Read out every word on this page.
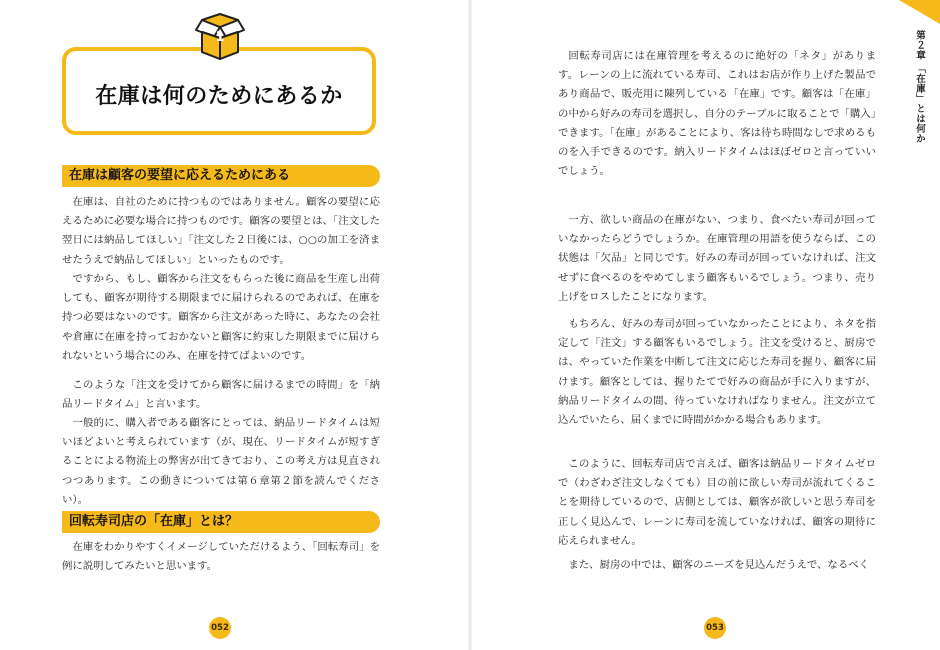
在庫は何のためにあるか
1
在庫は顧客の要望に応えるためにある
在庫は、自社のために持つものではありません。顧客の要望に応えるために必要な場合に持つものです。顧客の要望とは、「注文した翌日には納品してほしい」「注文した２日後には、○○の加工を済ませたうえで納品してほしい」といったものです。
ですから、もし、顧客から注文をもらった後に商品を生産し出荷しても、顧客が期待する期限までに届けられるのであれば、在庫を持つ必要はないのです。顧客から注文があった時に、あなたの会社や倉庫に在庫を持っておかないと顧客に約束した期限までに届けられないという場合にのみ、在庫を持てばよいのです。
このような「注文を受けてから顧客に届けるまでの時間」を「納品リードタイム」と言います。
一般的に、購入者である顧客にとっては、納品リードタイムは短いほどよいと考えられています（が、現在、リードタイムが短すぎることによる物流上の弊害が出てきており、この考え方は見直されつつあります。この動きについては第６章第２節を読んでください）。
回転寿司店の「在庫」とは？
在庫をわかりやすくイメージしていただけるよう、「回転寿司」を例に説明してみたいと思います。
052	053
回転寿司店には在庫管理を考えるのに絶好の「ネタ」があります。レーンの上に流れている寿司、これはお店が作り上げた製品であり商品で、販売用に陳列している「在庫」です。顧客は「在庫」の中から好みの寿司を選択し、自分のテーブルに取ることで「購入」できます。「在庫」があることにより、客は待ち時間なしで求めるものを入手できるのです。納入リードタイムはほぼゼロと言っていいでしょう。
一方、欲しい商品の在庫がない、つまり、食べたい寿司が回っていなかったらどうでしょうか。在庫管理の用語を使うならば、この状態は「欠品」と同じです。好みの寿司が回っていなければ、注文せずに食べるのをやめてしまう顧客もいるでしょう。つまり、売り上げをロスしたことになります。
もちろん、好みの寿司が回っていなかったことにより、ネタを指定して「注文」する顧客もいるでしょう。注文を受けると、厨房では、やっていた作業を中断して注文に応じた寿司を握り、顧客に届けます。顧客としては、握りたてで好みの商品が手に入りますが、納品リードタイムの間、待っていなければなりません。注文が立て込んでいたら、届くまでに時間がかかる場合もあります。
このように、回転寿司店で言えば、顧客は納品リードタイムゼロで（わざわざ注文しなくても）目の前に欲しい寿司が流れてくることを期待しているので、店側としては、顧客が欲しいと思う寿司を正しく見込んで、レーンに寿司を流していなければ、顧客の期待に応えられません。
また、厨房の中では、顧客のニーズを見込んだうえで、なるべく
第２章 「在庫」とは何か
